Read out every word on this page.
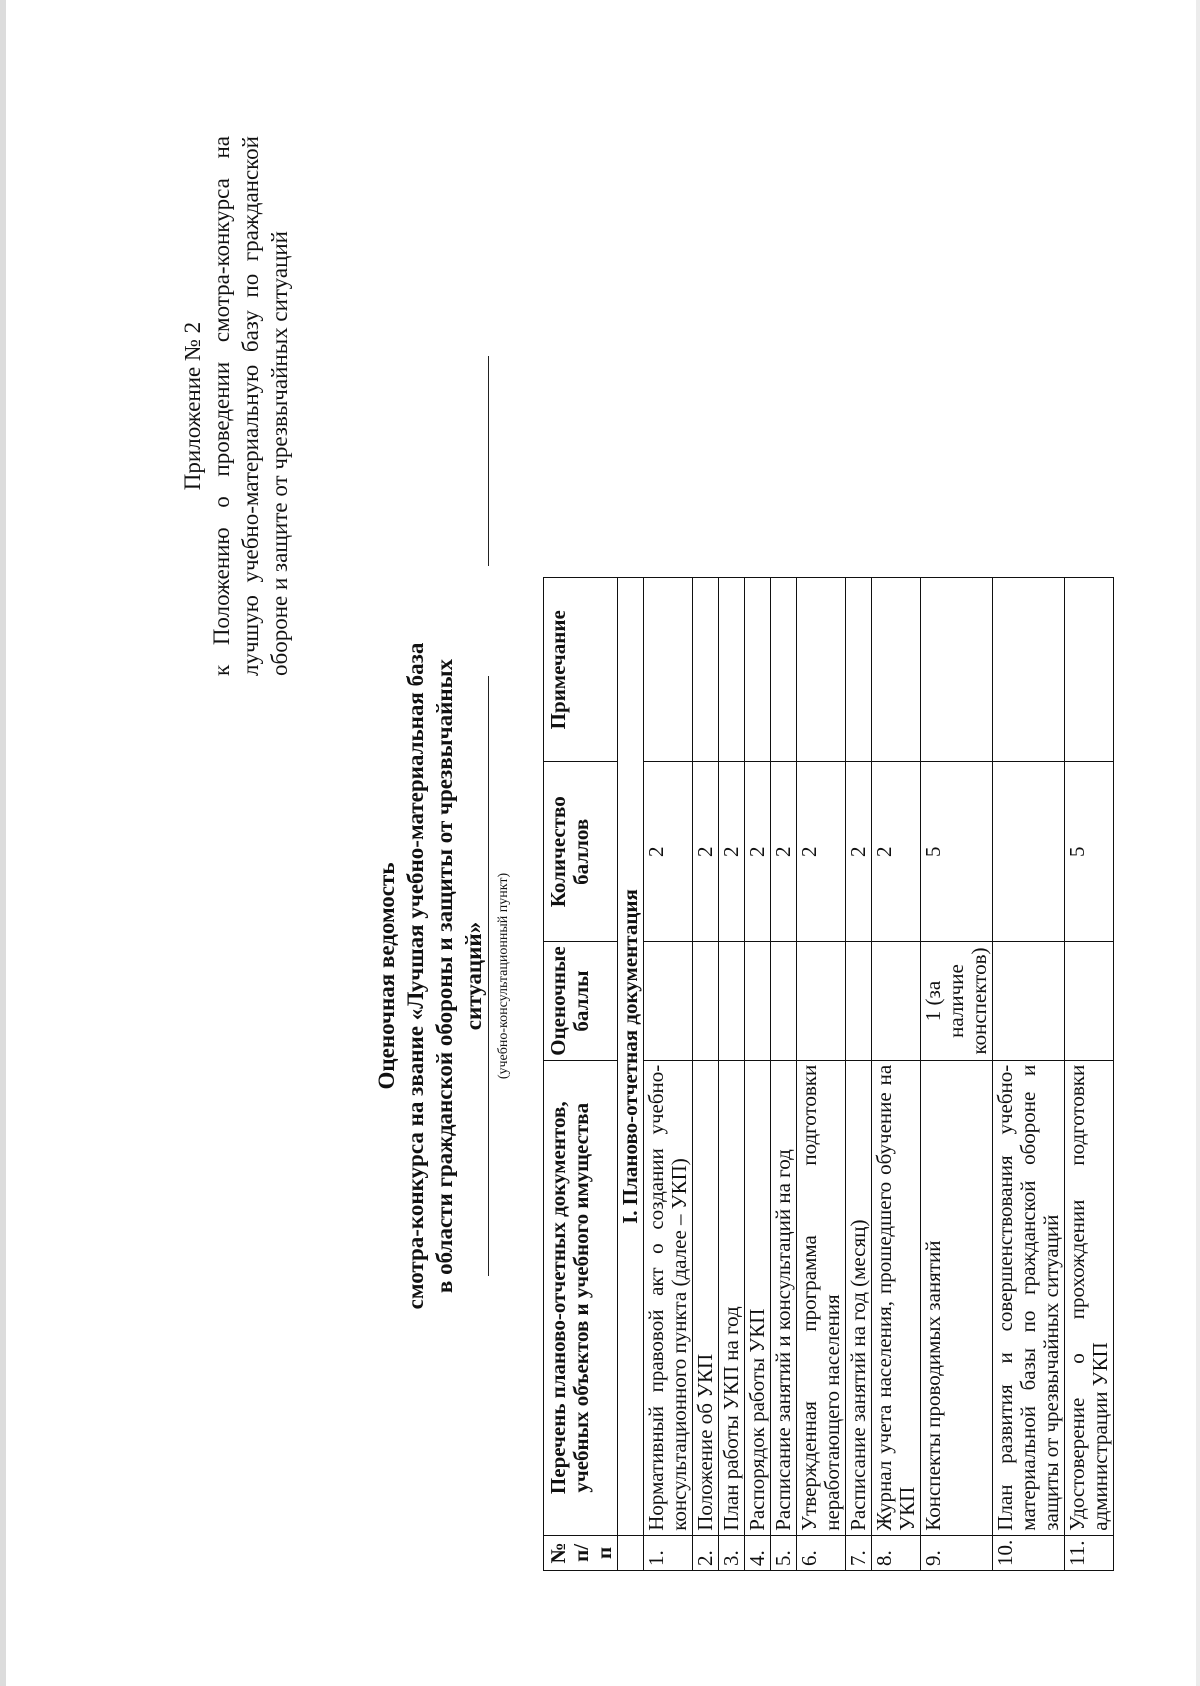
Приложение № 2 к Положению о проведении смотра-конкурса на лучшую учебно-материальную базу по гражданской обороне и защите от чрезвычайных ситуаций
Оценочная ведомость смотра-конкурса на звание «Лучшая учебно-материальная база в области гражданской обороны и защиты от чрезвычайных ситуаций» (учебно-консультационный пункт)
№ п/п	Перечень планово-отчетных документов, учебных объектов и учебного имущества	Оценочные баллы	Количество баллов	Примечание
	I. Планово-отчетная документация			
1.	Нормативный правовой акт о создании учебно-консультационного пункта (далее – УКП)		2	
2.	Положение об УКП		2	
3.	План работы УКП на год		2	
4.	Распорядок работы УКП		2	
5.	Расписание занятий и консультаций на год		2	
6.	Утвержденная программа подготовки неработающего населения		2	
7.	Расписание занятий на год (месяц)		2	
8.	Журнал учета населения, прошедшего обучение на УКП		2	
9.	Конспекты проводимых занятий	1 (за наличие конспектов)	5	
10.	План развития и совершенствования учебно-материальной базы по гражданской обороне и защиты от чрезвычайных ситуаций			
11.	Удостоверение о прохождении подготовки администрации УКП		5	
